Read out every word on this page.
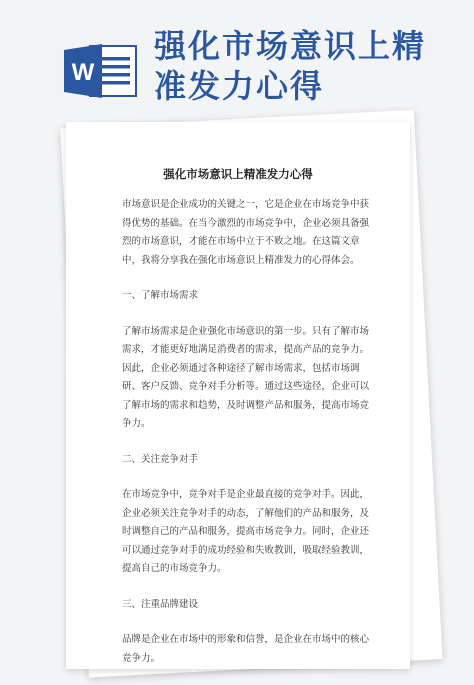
W
强化市场意识上精
准发力心得
强化市场意识上精准发力心得

市场意识是企业成功的关键之一，它是企业在市场竞争中获得优势的基础。在当今激烈的市场竞争中，企业必须具备强烈的市场意识，才能在市场中立于不败之地。在这篇文章中，我将分享我在强化市场意识上精准发力的心得体会。

一、了解市场需求

了解市场需求是企业强化市场意识的第一步。只有了解市场需求，才能更好地满足消费者的需求，提高产品的竞争力。因此，企业必须通过各种途径了解市场需求，包括市场调研、客户反馈、竞争对手分析等。通过这些途径，企业可以了解市场的需求和趋势，及时调整产品和服务，提高市场竞争力。

二、关注竞争对手

在市场竞争中，竞争对手是企业最直接的竞争对手。因此，企业必须关注竞争对手的动态，了解他们的产品和服务，及时调整自己的产品和服务，提高市场竞争力。同时，企业还可以通过竞争对手的成功经验和失败教训，吸取经验教训，提高自己的市场竞争力。

三、注重品牌建设

品牌是企业在市场中的形象和信誉，是企业在市场中的核心竞争力。
